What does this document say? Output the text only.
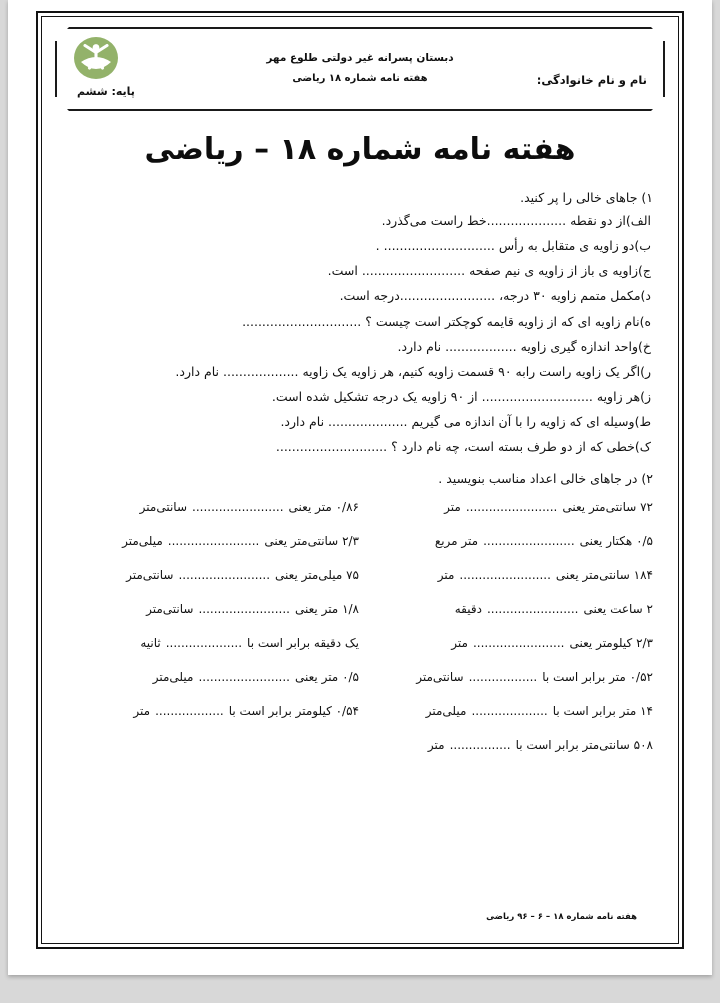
نام و نام خانوادگی:
دبستان پسرانه غیر دولتی طلوع مهر
هفته نامه شماره ۱۸ ریاضی
پایه: ششم
هفته نامه شماره ۱۸ – ریاضی
۱) جاهای خالی را پر کنید.
الف)از دو نقطه ....................خط راست می‌گذرد.
ب)دو زاویه ی متقابل به رأس ............................ .
ج)زاویه ی باز از زاویه ی نیم صفحه .......................... است.
د)مکمل متمم زاویه ۳۰ درجه، ........................درجه است.
ه)نام زاویه ای که از زاویه قایمه کوچکتر است چیست ؟ ..............................
خ)واحد اندازه گیری زاویه .................. نام دارد.
ر)اگر یک زاویه راست رابه ۹۰ قسمت زاویه کنیم، هر زاویه یک زاویه ................... نام دارد.
ز)هر زاویه ............................ از ۹۰ زاویه یک درجه تشکیل شده است.
ط)وسیله ای که زاویه را با آن اندازه می گیریم .................... نام دارد.
ک)خطی که از دو طرف بسته است، چه نام دارد ؟ ............................
۲) در جاهای خالی اعداد مناسب بنویسید .
۷۲ سانتی‌متر یعنی........................متر
۰/۸۶ متر یعنی........................سانتی‌متر
۰/۵ هکتار یعنی........................متر مربع
۲/۳ سانتی‌متر یعنی........................میلی‌متر
۱۸۴ سانتی‌متر یعنی........................متر
۷۵ میلی‌متر یعنی........................سانتی‌متر
۲ ساعت یعنی........................دقیقه
۱/۸ متر یعنی........................سانتی‌متر
۲/۳ کیلومتر یعنی........................متر
یک دقیقه برابر است با....................ثانیه
۰/۵۲ متر برابر است با..................سانتی‌متر
۰/۵ متر یعنی........................میلی‌متر
۱۴ متر برابر است با....................میلی‌متر
۰/۵۴ کیلومتر برابر است با..................متر
۵۰۸ سانتی‌متر برابر است با................متر
هفته نامه شماره ۱۸ – ۶ – ۹۶ ریاضی
